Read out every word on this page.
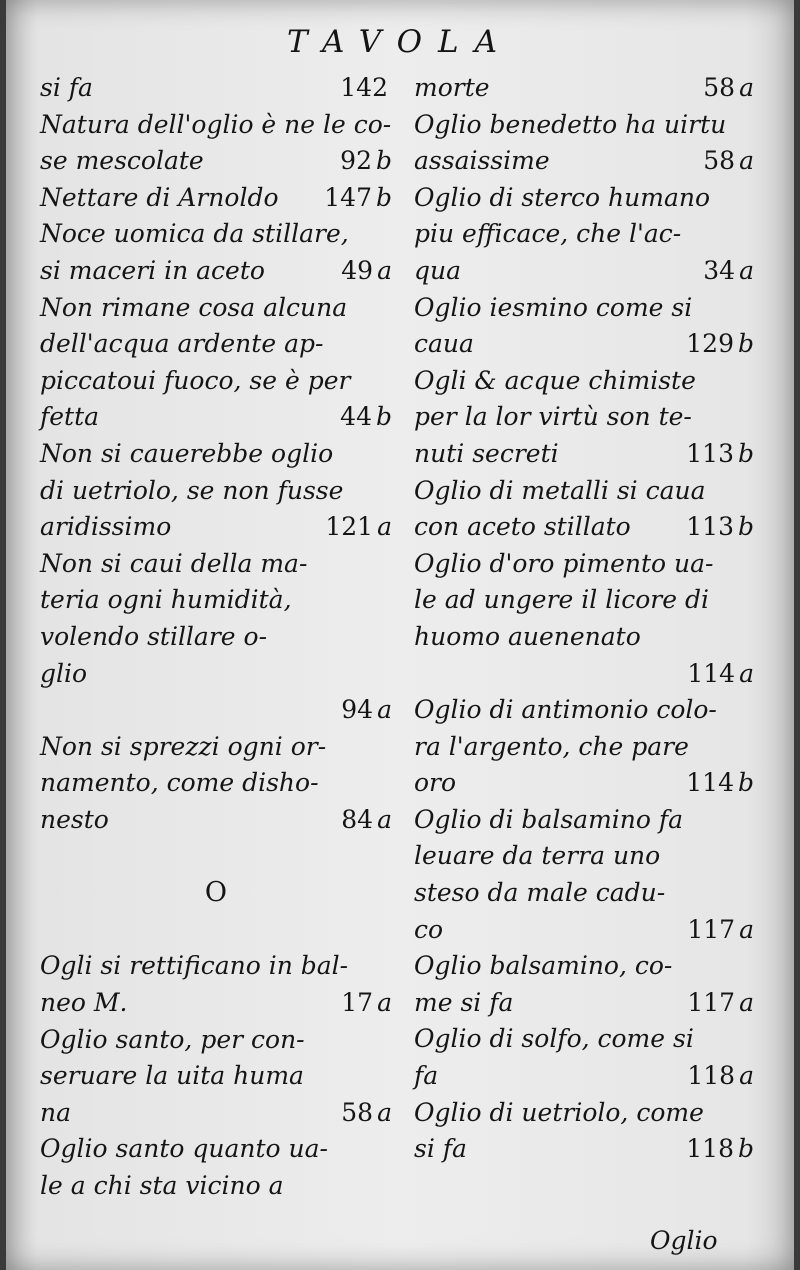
TAVOLA
si fa	142
Natura dell'oglio è ne le co-
se mescolate	92 b
Nettare di Arnoldo	147 b
Noce uomica da stillare,
si maceri in aceto	49 a
Non rimane cosa alcuna
dell'acqua ardente ap-
piccatoui fuoco, se è per
fetta	44 b
Non si cauerebbe oglio
di uetriolo, se non fusse
aridissimo	121 a
Non si caui della ma-
teria ogni humidità,
volendo stillare o-
glio
94 a
Non si sprezzi ogni or-
namento, come disho-
nesto	84 a
O
Ogli si rettificano in bal-
neo M.	17 a
Oglio santo, per con-
seruare la uita huma
na	58 a
Oglio santo quanto ua-
le a chi sta vicino a
morte	58 a
Oglio benedetto ha uirtu
assaissime	58 a
Oglio di sterco humano
piu efficace, che l'ac-
qua	34 a
Oglio iesmino come si
caua	129 b
Ogli & acque chimiste
per la lor virtù son te-
nuti secreti	113 b
Oglio di metalli si caua
con aceto stillato	113 b
Oglio d'oro pimento ua-
le ad ungere il licore di
huomo auenenato
114 a
Oglio di antimonio colo-
ra l'argento, che pare
oro	114 b
Oglio di balsamino fa
leuare da terra uno
steso da male cadu-
co	117 a
Oglio balsamino, co-
me si fa	117 a
Oglio di solfo, come si
fa	118 a
Oglio di uetriolo, come
si fa	118 b
Oglio
